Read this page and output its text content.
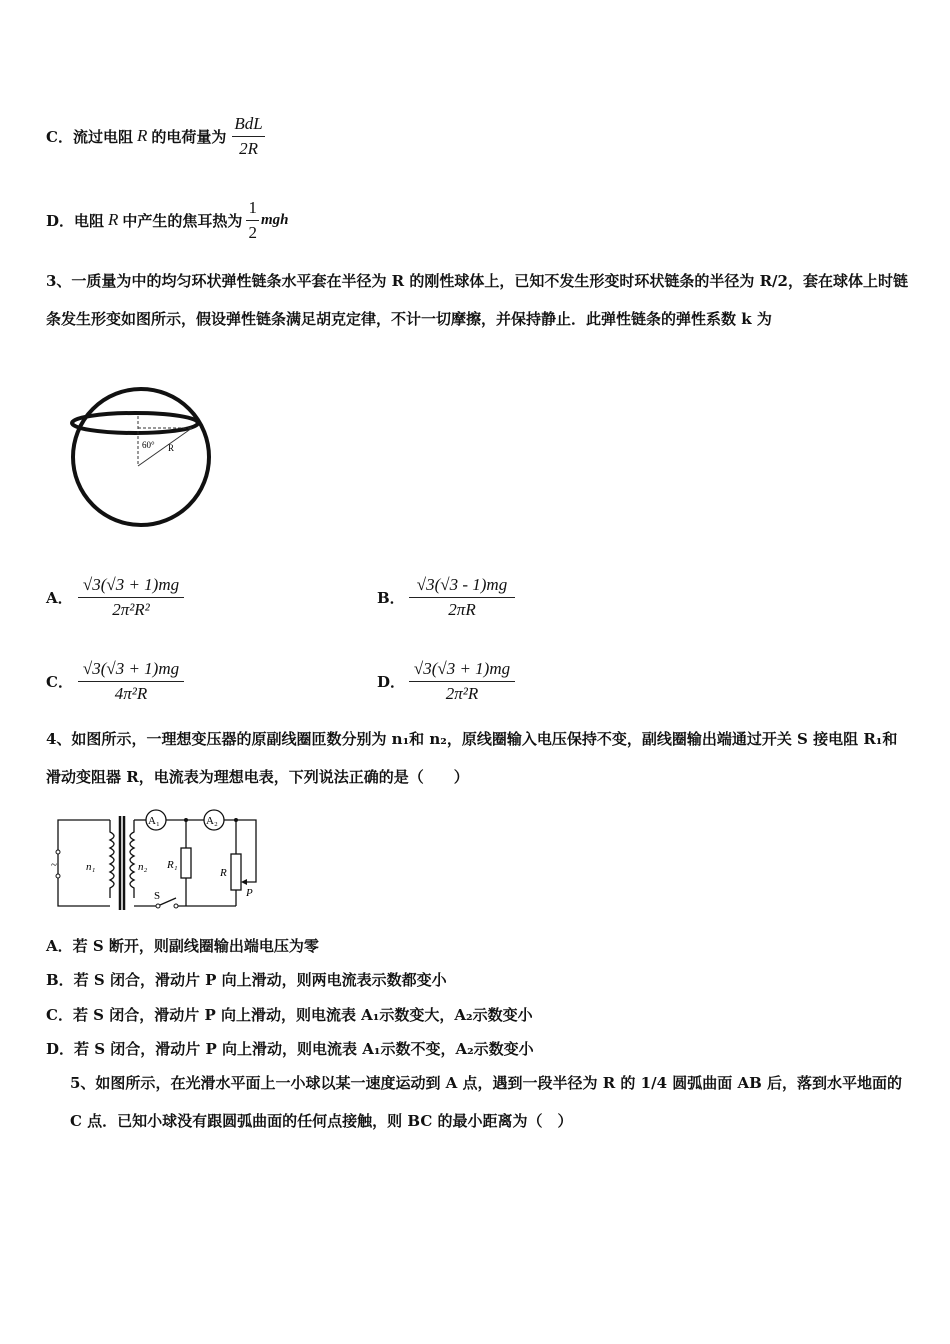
C． 流过电阻 R 的电荷量为 $\frac{\text{BdL}}{2R}$
D． 电阻 R 中产生的焦耳热为 $\frac{1}{2}$ mgh
3、一质量为中的均匀环状弹性链条水平套在半径为 R 的刚性球体上，已知不发生形变时环状链条的半径为 R/2，套在球体上时链条发生形变如图所示，假设弹性链条满足胡克定律，不计一切摩擦，并保持静止．此弹性链条的弹性系数 k 为
60° R
A． $\frac{√3(√3 + 1)mg}{\text{2π²R²}}$	B． $\frac{√3(√3 - 1)mg}{2\pi R}$
C． $\frac{√3(√3 + 1)mg}{\text{4π²R}}$	D． $\frac{√3(√3 + 1)mg}{\text{2π²R}}$
4、如图所示，一理想变压器的原副线圈匝数分别为 n₁和 n₂，原线圈输入电压保持不变，副线圈输出端通过开关 S 接电阻 R₁和滑动变阻器 R，电流表为理想电表，下列说法正确的是（　　）
~	n₁	n₂
A₁	A₂
R₁
R
P
S
A．若 S 断开，则副线圈输出端电压为零
B．若 S 闭合，滑动片 P 向上滑动，则两电流表示数都变小
C．若 S 闭合，滑动片 P 向上滑动，则电流表 A₁示数变大，A₂示数变小
D．若 S 闭合，滑动片 P 向上滑动，则电流表 A₁示数不变，A₂示数变小
5、如图所示，在光滑水平面上一小球以某一速度运动到 A 点，遇到一段半径为 R 的 1/4 圆弧曲面 AB 后，落到水平地面的 C 点．已知小球没有跟圆弧曲面的任何点接触，则 BC 的最小距离为（　）
